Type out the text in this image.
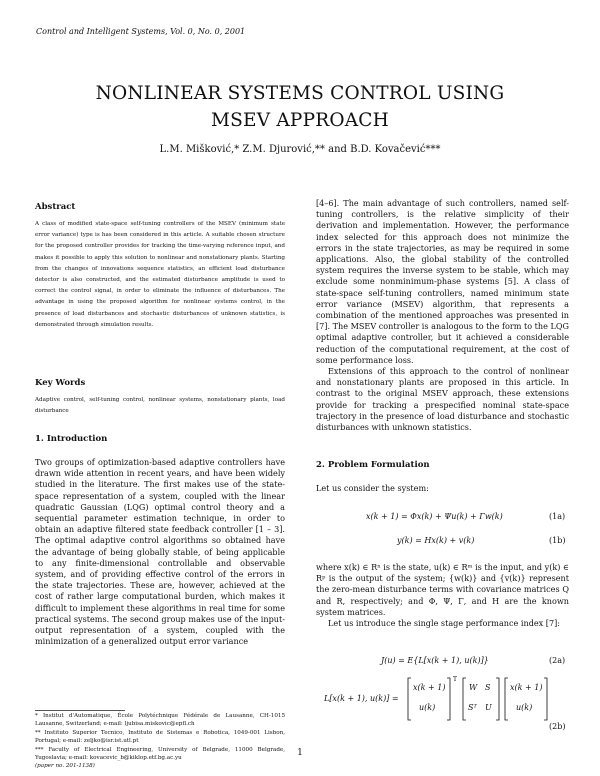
Control and Intelligent Systems, Vol. 0, No. 0, 2001
NONLINEAR SYSTEMS CONTROL USING
MSEV APPROACH
L.M. Mišković,* Z.M. Djurović,** and B.D. Kovačević***
Abstract

A class of modified state-space self-tuning controllers of the MSEV (minimum state error variance) type is has been considered in this article. A suitable chosen structure for the proposed controller provides for tracking the time-varying reference input, and makes it possible to apply this solution to nonlinear and nonstationary plants. Starting from the changes of innovations sequence statistics, an efficient load disturbance detector is also constructed, and the estimated disturbance amplitude is used to correct the control signal, in order to eliminate the influence of disturbances. The advantage in using the proposed algorithm for nonlinear systems control, in the presence of load disturbances and stochastic disturbances of unknown statistics, is demonstrated through simulation results.

Key Words

Adaptive control, self-tuning control, nonlinear systems, nonstationary plants, load disturbance

1. Introduction

Two groups of optimization-based adaptive controllers have drawn wide attention in recent years, and have been widely studied in the literature. The first makes use of the state-space representation of a system, coupled with the linear quadratic Gaussian (LQG) optimal control theory and a sequential parameter estimation technique, in order to obtain an adaptive filtered state feedback controller [1 – 3]. The optimal adaptive control algorithms so obtained have the advantage of being globally stable, of being applicable to any finite-dimensional controllable and observable system, and of providing effective control of the errors in the state trajectories. These are, however, achieved at the cost of rather large computational burden, which makes it difficult to implement these algorithms in real time for some practical systems. The second group makes use of the input-output representation of a system, coupled with the minimization of a generalized output error variance

* Institut d'Automatique, École Polytéchnique Fédérale de Lausanne, CH-1015 Lausanne, Switzerland; e-mail: ljubisa.miskovic@epfl.ch

** Instituto Superior Tecnico, Instituto de Sistemas e Robotica, 1049-001 Lisbon, Portugal; e-mail: zeljko@isr.ist.utl.pt

*** Faculty of Electrical Engineering, University of Belgrade, 11000 Belgrade, Yugoslavia; e-mail: kovacevic_b@kiklop.etf.bg.ac.yu

(paper no. 201-1138)

[4–6]. The main advantage of such controllers, named self-tuning controllers, is the relative simplicity of their derivation and implementation. However, the performance index selected for this approach does not minimize the errors in the state trajectories, as may be required in some applications. Also, the global stability of the controlled system requires the inverse system to be stable, which may exclude some nonminimum-phase systems [5]. A class of state-space self-tuning controllers, named minimum state error variance (MSEV) algorithm, that represents a combination of the mentioned approaches was presented in [7]. The MSEV controller is analogous to the form to the LQG optimal adaptive controller, but it achieved a considerable reduction of the computational requirement, at the cost of some performance loss.

Extensions of this approach to the control of nonlinear and nonstationary plants are proposed in this article. In contrast to the original MSEV approach, these extensions provide for tracking a prespecified nominal state-space trajectory in the presence of load disturbance and stochastic disturbances with unknown statistics.

2. Problem Formulation

Let us consider the system:

x(k + 1) = Φx(k) + Ψu(k) + Γw(k)	(1a)
y(k) = Hx(k) + v(k)	(1b)

where x(k) ∈ Rⁿ is the state, u(k) ∈ Rᵐ is the input, and y(k) ∈ Rᵖ is the output of the system; {w(k)} and {v(k)} represent the zero-mean disturbance terms with covariance matrices Q and R, respectively; and Φ, Ψ, Γ, and H are the known system matrices.

Let us introduce the single stage performance index [7]:

J(u) = E{L[x(k + 1), u(k)]}	(2a)
L[x(k + 1), u(k)] =
x(k + 1)
u(k)
T
W S
Sᵀ U
x(k + 1)
u(k)
(2b)
1
